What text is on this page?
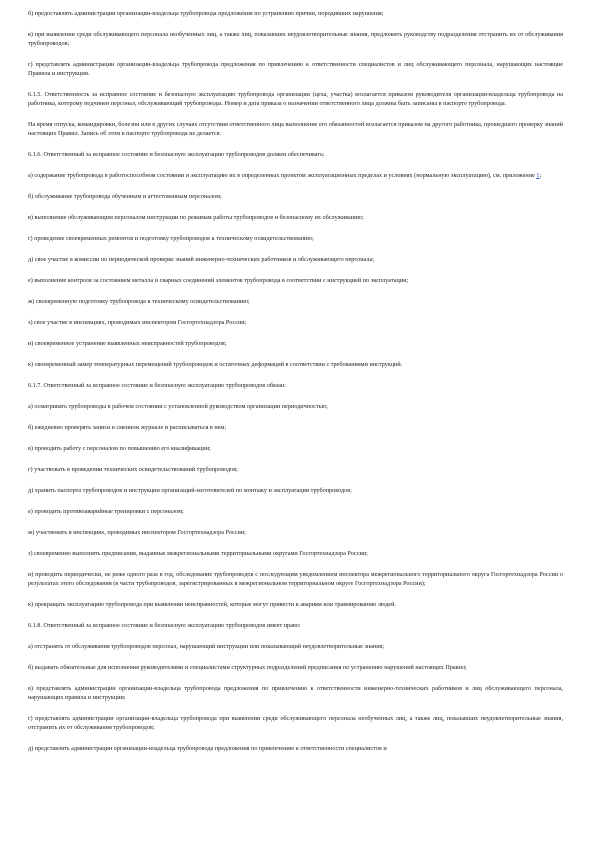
б) предоставлять администрации организации-владельца трубопровода предложения по устранению причин, породивших нарушения;

в) при выявлении среди обслуживающего персонала необученных лиц, а также лиц, показавших неудовлетворительные знания, предложить руководству подразделения отстранить их от обслуживания трубопроводов;

г) представлять администрации организации-владельца трубопровода предложения по привлечению к ответственности специалистов и лиц обслуживающего персонала, нарушающих настоящие Правила и инструкции.

6.1.5. Ответственность за исправное состояние и безопасную эксплуатацию трубопровода организации (цеха, участка) возлагается приказом руководителя организации-владельца трубопровода на работника, которому подчинен персонал, обслуживающий трубопроводы. Номер и дата приказа о назначении ответственного лица должны быть записаны в паспорте трубопровода.

На время отпуска, командировки, болезни или в других случаях отсутствия ответственного лица выполнение его обязанностей возлагается приказом на другого работника, прошедшего проверку знаний настоящих Правил. Запись об этом в паспорте трубопровода не делается.

6.1.6. Ответственный за исправное состояние и безопасную эксплуатацию трубопроводов должен обеспечивать:

а) содержание трубопровода в работоспособном состоянии и эксплуатацию их в определенных проектом эксплуатационных пределах и условиях (нормальную эксплуатацию), см. приложение 1;

б) обслуживание трубопровода обученным и аттестованным персоналом;

в) выполнение обслуживающим персоналом инструкции по режимам работы трубопроводов и безопасному их обслуживанию;

г) проведение своевременных ремонтов и подготовку трубопроводов к техническому освидетельствованию;

д) свое участие в комиссии по периодической проверке знаний инженерно-технических работников и обслуживающего персонала;

е) выполнение контроля за состоянием металла и сварных соединений элементов трубопровода в соответствии с инструкцией по эксплуатации;

ж) своевременную подготовку трубопровода к техническому освидетельствованию;

з) свое участие в инспекциях, проводимых инспектором Госгортехнадзора России;

и) своевременное устранение выявленных неисправностей трубопроводов;

к) своевременный замер температурных перемещений трубопроводов и остаточных деформаций в соответствии с требованиями инструкций.

6.1.7. Ответственный за исправное состояние и безопасную эксплуатацию трубопроводов обязан:

а) осматривать трубопроводы в рабочем состоянии с установленной руководством организации периодичностью;

б) ежедневно проверять записи в сменном журнале и расписываться в нем;

в) проводить работу с персоналом по повышению его квалификации;

г) участвовать в проведении технических освидетельствований трубопроводов;

д) хранить паспорта трубопроводов и инструкции организаций-изготовителей по монтажу и эксплуатации трубопроводов;

е) проводить противоаварийные тренировки с персоналом;

ж) участвовать в инспекциях, проводимых инспектором Госгортехнадзора России;

з) своевременно выполнять предписания, выданные межрегиональными территориальными округами Госгортехнадзора России;

и) проводить периодически, не реже одного раза в год, обследование трубопроводов с последующим уведомлением инспектора межрегионального территориального округа Госгортехнадзора России о результатах этого обследования (в части трубопроводов, зарегистрированных в межрегиональном территориальном округе Госгортехнадзора России);

к) прекращать эксплуатацию трубопровода при выявлении неисправностей, которые могут привести к авариям или травмированию людей.

6.1.8. Ответственный за исправное состояние и безопасную эксплуатацию трубопроводов имеет право:

а) отстранять от обслуживания трубопроводов персонал, нарушающий инструкции или показывающий неудовлетворительные знания;

б) выдавать обязательные для исполнения руководителями и специалистами структурных подразделений предписания по устранению нарушений настоящих Правил;

в) представлять администрации организации-владельца трубопровода предложения по привлечению к ответственности инженерно-технических работников и лиц обслуживающего персонала, нарушающих правила и инструкции;

г) представлять администрации организации-владельца трубопровода при выявлении среди обслуживающего персонала необученных лиц, а также лиц, показавших неудовлетворительные знания, отстранить их от обслуживания трубопроводов;

д) представлять администрации организации-владельца трубопровода предложения по привлечению к ответственности специалистов и
